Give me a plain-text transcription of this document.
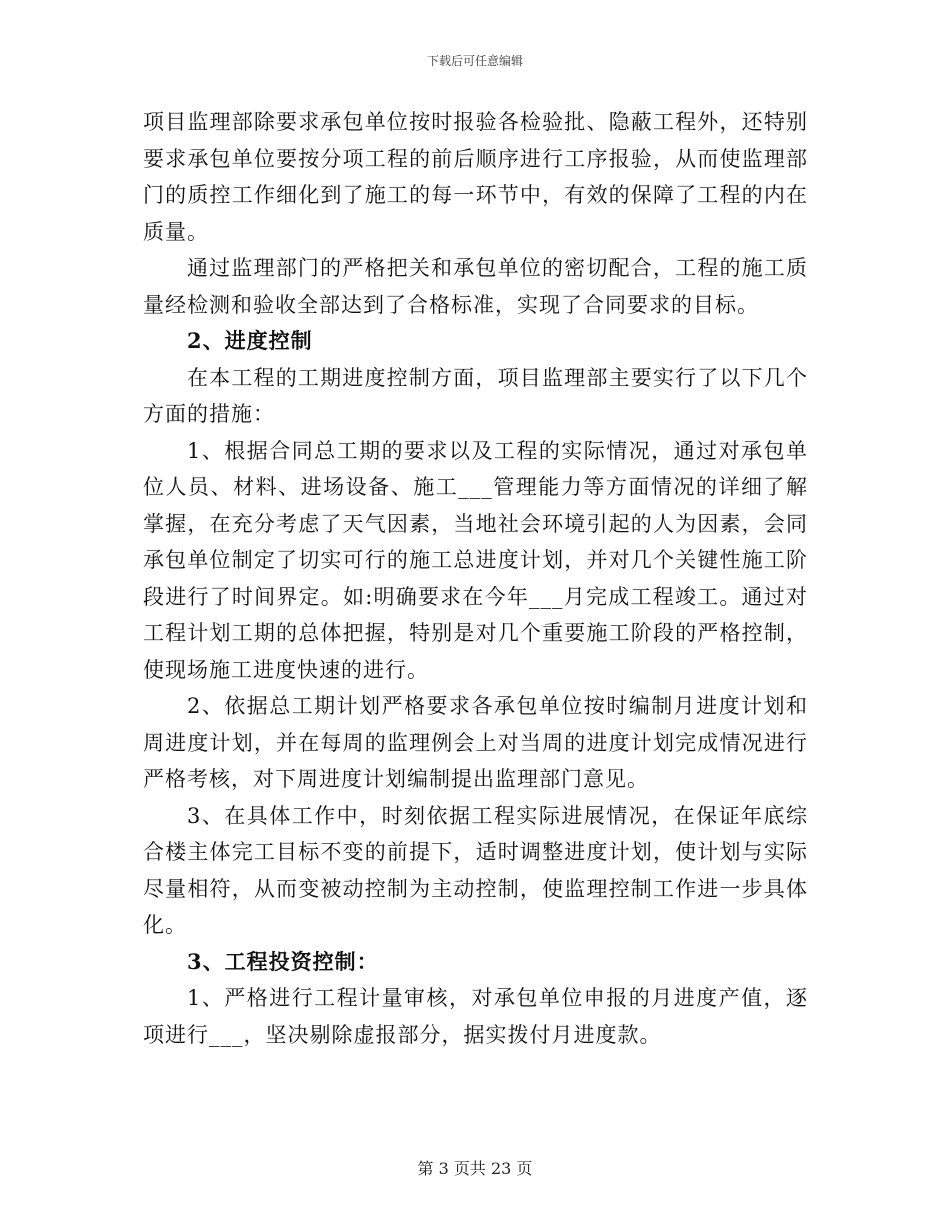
下载后可任意编辑

项目监理部除要求承包单位按时报验各检验批、隐蔽工程外，还特别要求承包单位要按分项工程的前后顺序进行工序报验，从而使监理部门的质控工作细化到了施工的每一环节中，有效的保障了工程的内在质量。

通过监理部门的严格把关和承包单位的密切配合，工程的施工质量经检测和验收全部达到了合格标准，实现了合同要求的目标。

2、进度控制

在本工程的工期进度控制方面，项目监理部主要实行了以下几个方面的措施：

1、根据合同总工期的要求以及工程的实际情况，通过对承包单位人员、材料、进场设备、施工___管理能力等方面情况的详细了解掌握，在充分考虑了天气因素，当地社会环境引起的人为因素，会同承包单位制定了切实可行的施工总进度计划，并对几个关键性施工阶段进行了时间界定。如:明确要求在今年___月完成工程竣工。通过对工程计划工期的总体把握，特别是对几个重要施工阶段的严格控制，使现场施工进度快速的进行。

2、依据总工期计划严格要求各承包单位按时编制月进度计划和周进度计划，并在每周的监理例会上对当周的进度计划完成情况进行严格考核，对下周进度计划编制提出监理部门意见。

3、在具体工作中，时刻依据工程实际进展情况，在保证年底综合楼主体完工目标不变的前提下，适时调整进度计划，使计划与实际尽量相符，从而变被动控制为主动控制，使监理控制工作进一步具体化。

3、工程投资控制：

1、严格进行工程计量审核，对承包单位申报的月进度产值，逐项进行___，坚决剔除虚报部分，据实拨付月进度款。

第 3 页共 23 页
